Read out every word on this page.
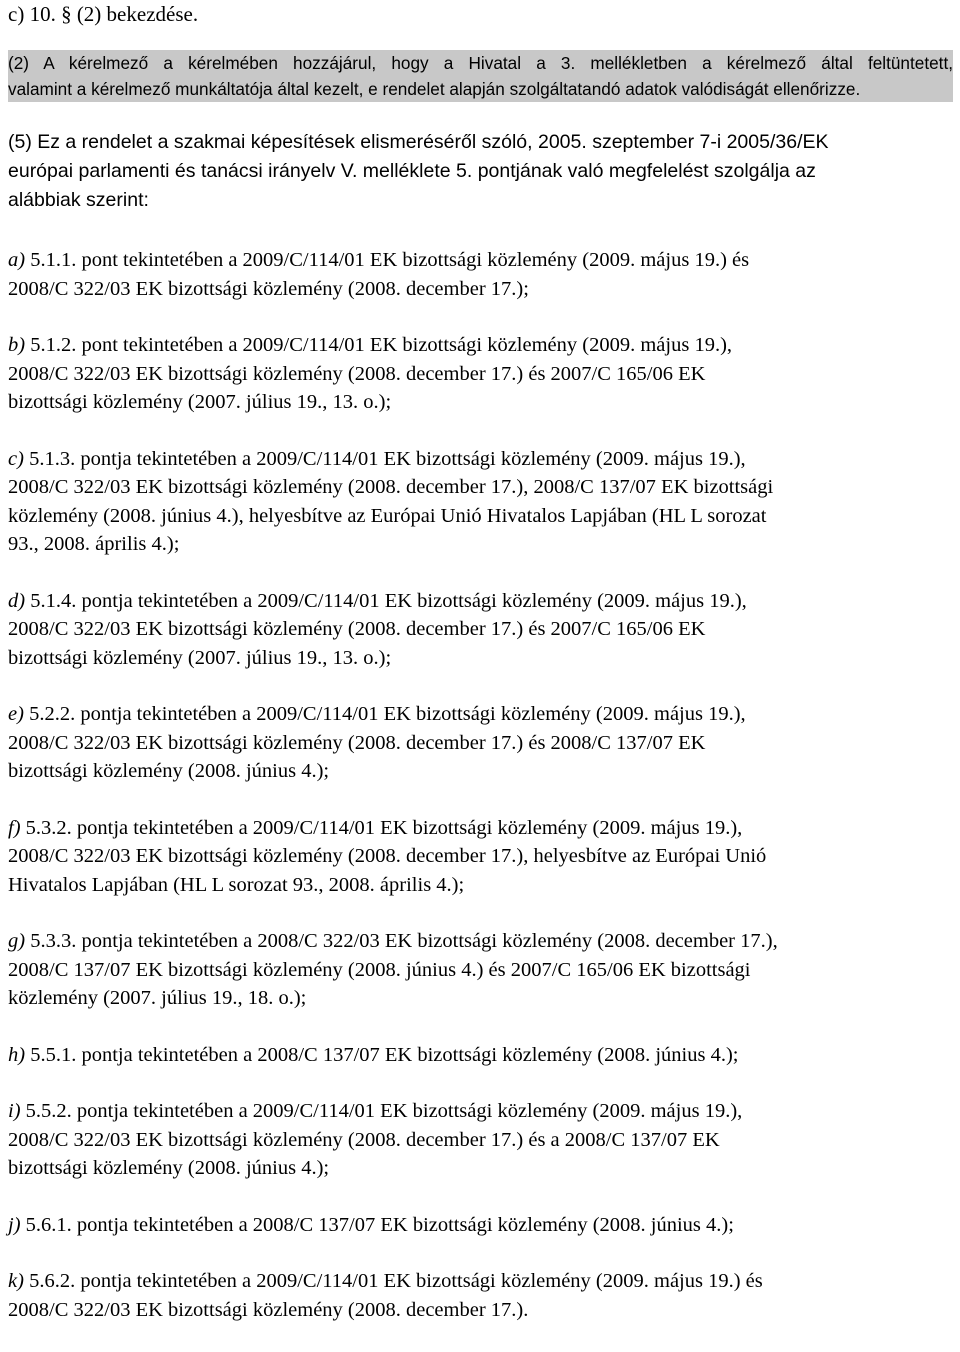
c) 10. § (2) bekezdése.
(2) A kérelmező a kérelmében hozzájárul, hogy a Hivatal a 3. mellékletben a kérelmező által feltüntetett,
valamint a kérelmező munkáltatója által kezelt, e rendelet alapján szolgáltatandó adatok valódiságát ellenőrizze.
(5) Ez a rendelet a szakmai képesítések elismeréséről szóló, 2005. szeptember 7-i 2005/36/EK
európai parlamenti és tanácsi irányelv V. melléklete 5. pontjának való megfelelést szolgálja az
alábbiak szerint:
a) 5.1.1. pont tekintetében a 2009/C/114/01 EK bizottsági közlemény (2009. május 19.) és
2008/C 322/03 EK bizottsági közlemény (2008. december 17.);
b) 5.1.2. pont tekintetében a 2009/C/114/01 EK bizottsági közlemény (2009. május 19.),
2008/C 322/03 EK bizottsági közlemény (2008. december 17.) és 2007/C 165/06 EK
bizottsági közlemény (2007. július 19., 13. o.);
c) 5.1.3. pontja tekintetében a 2009/C/114/01 EK bizottsági közlemény (2009. május 19.),
2008/C 322/03 EK bizottsági közlemény (2008. december 17.), 2008/C 137/07 EK bizottsági
közlemény (2008. június 4.), helyesbítve az Európai Unió Hivatalos Lapjában (HL L sorozat
93., 2008. április 4.);
d) 5.1.4. pontja tekintetében a 2009/C/114/01 EK bizottsági közlemény (2009. május 19.),
2008/C 322/03 EK bizottsági közlemény (2008. december 17.) és 2007/C 165/06 EK
bizottsági közlemény (2007. július 19., 13. o.);
e) 5.2.2. pontja tekintetében a 2009/C/114/01 EK bizottsági közlemény (2009. május 19.),
2008/C 322/03 EK bizottsági közlemény (2008. december 17.) és 2008/C 137/07 EK
bizottsági közlemény (2008. június 4.);
f) 5.3.2. pontja tekintetében a 2009/C/114/01 EK bizottsági közlemény (2009. május 19.),
2008/C 322/03 EK bizottsági közlemény (2008. december 17.), helyesbítve az Európai Unió
Hivatalos Lapjában (HL L sorozat 93., 2008. április 4.);
g) 5.3.3. pontja tekintetében a 2008/C 322/03 EK bizottsági közlemény (2008. december 17.),
2008/C 137/07 EK bizottsági közlemény (2008. június 4.) és 2007/C 165/06 EK bizottsági
közlemény (2007. július 19., 18. o.);
h) 5.5.1. pontja tekintetében a 2008/C 137/07 EK bizottsági közlemény (2008. június 4.);
i) 5.5.2. pontja tekintetében a 2009/C/114/01 EK bizottsági közlemény (2009. május 19.),
2008/C 322/03 EK bizottsági közlemény (2008. december 17.) és a 2008/C 137/07 EK
bizottsági közlemény (2008. június 4.);
j) 5.6.1. pontja tekintetében a 2008/C 137/07 EK bizottsági közlemény (2008. június 4.);
k) 5.6.2. pontja tekintetében a 2009/C/114/01 EK bizottsági közlemény (2009. május 19.) és
2008/C 322/03 EK bizottsági közlemény (2008. december 17.).
